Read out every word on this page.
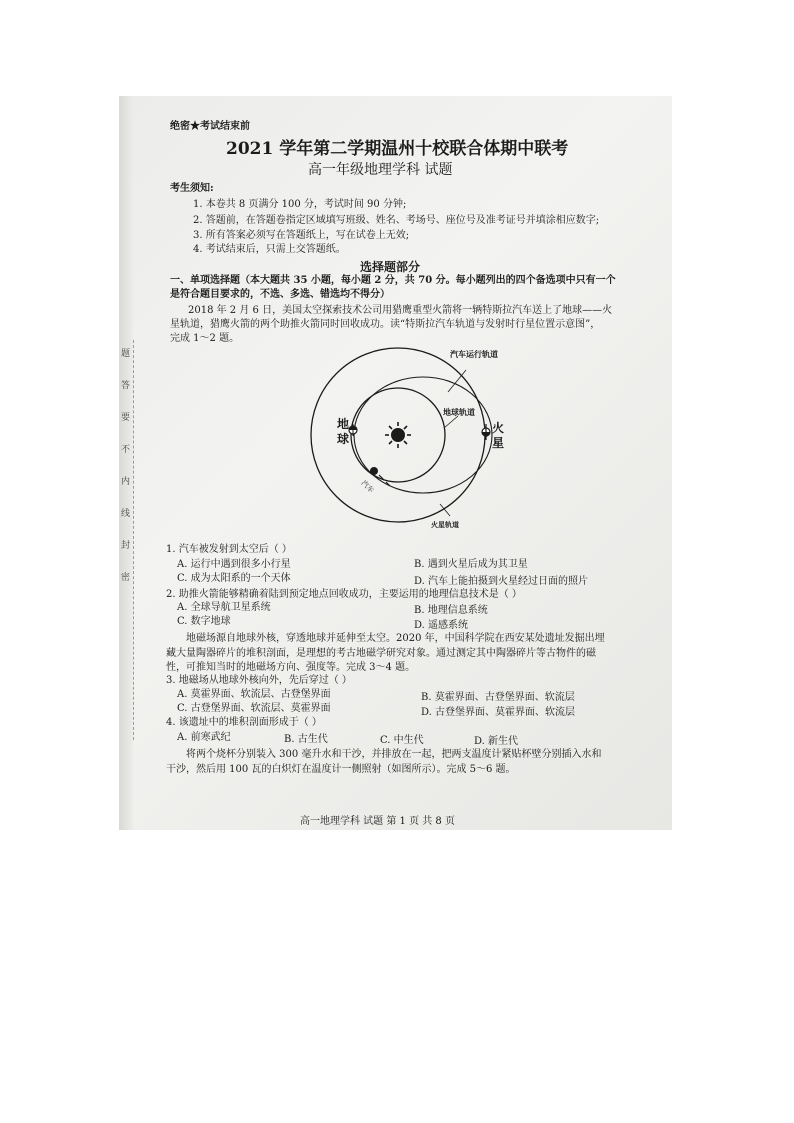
题
答
要
不
内
线
封
密
绝密★考试结束前
2021 学年第二学期温州十校联合体期中联考
高一年级地理学科 试题
考生须知:
1. 本卷共 8 页满分 100 分，考试时间 90 分钟;
2. 答题前，在答题卷指定区域填写班级、姓名、考场号、座位号及准考证号并填涂相应数字;
3. 所有答案必须写在答题纸上，写在试卷上无效;
4. 考试结束后，只需上交答题纸。
选择题部分
一、单项选择题（本大题共 35 小题，每小题 2 分，共 70 分。每小题列出的四个备选项中只有一个
是符合题目要求的，不选、多选、错选均不得分）
2018 年 2 月 6 日，美国太空探索技术公司用猎鹰重型火箭将一辆特斯拉汽车送上了地球——火
星轨道，猎鹰火箭的两个助推火箭同时回收成功。读“特斯拉汽车轨道与发射时行星位置示意图”，
完成 1～2 题。
汽车运行轨道
地球轨道
火星轨道
地
球
火
星
汽车
1. 汽车被发射到太空后（ ）
A. 运行中遇到很多小行星	B. 遇到火星后成为其卫星
C. 成为太阳系的一个天体	D. 汽车上能拍摄到火星经过日面的照片
2. 助推火箭能够精确着陆到预定地点回收成功，主要运用的地理信息技术是（ ）
A. 全球导航卫星系统	B. 地理信息系统
C. 数字地球	D. 遥感系统
地磁场源自地球外核，穿透地球并延伸至太空。2020 年，中国科学院在西安某处遗址发掘出埋
藏大量陶器碎片的堆积剖面，是理想的考古地磁学研究对象。通过测定其中陶器碎片等古物件的磁
性，可推知当时的地磁场方向、强度等。完成 3～4 题。
3. 地磁场从地球外核向外，先后穿过（ ）
A. 莫霍界面、软流层、古登堡界面	B. 莫霍界面、古登堡界面、软流层
C. 古登堡界面、软流层、莫霍界面	D. 古登堡界面、莫霍界面、软流层
4. 该遗址中的堆积剖面形成于（ ）
A. 前寒武纪	B. 古生代	C. 中生代	D. 新生代
将两个烧杯分别装入 300 毫升水和干沙，并排放在一起，把两支温度计紧贴杯壁分别插入水和
干沙，然后用 100 瓦的白炽灯在温度计一侧照射（如图所示）。完成 5～6 题。
高一地理学科 试题 第 1 页 共 8 页
